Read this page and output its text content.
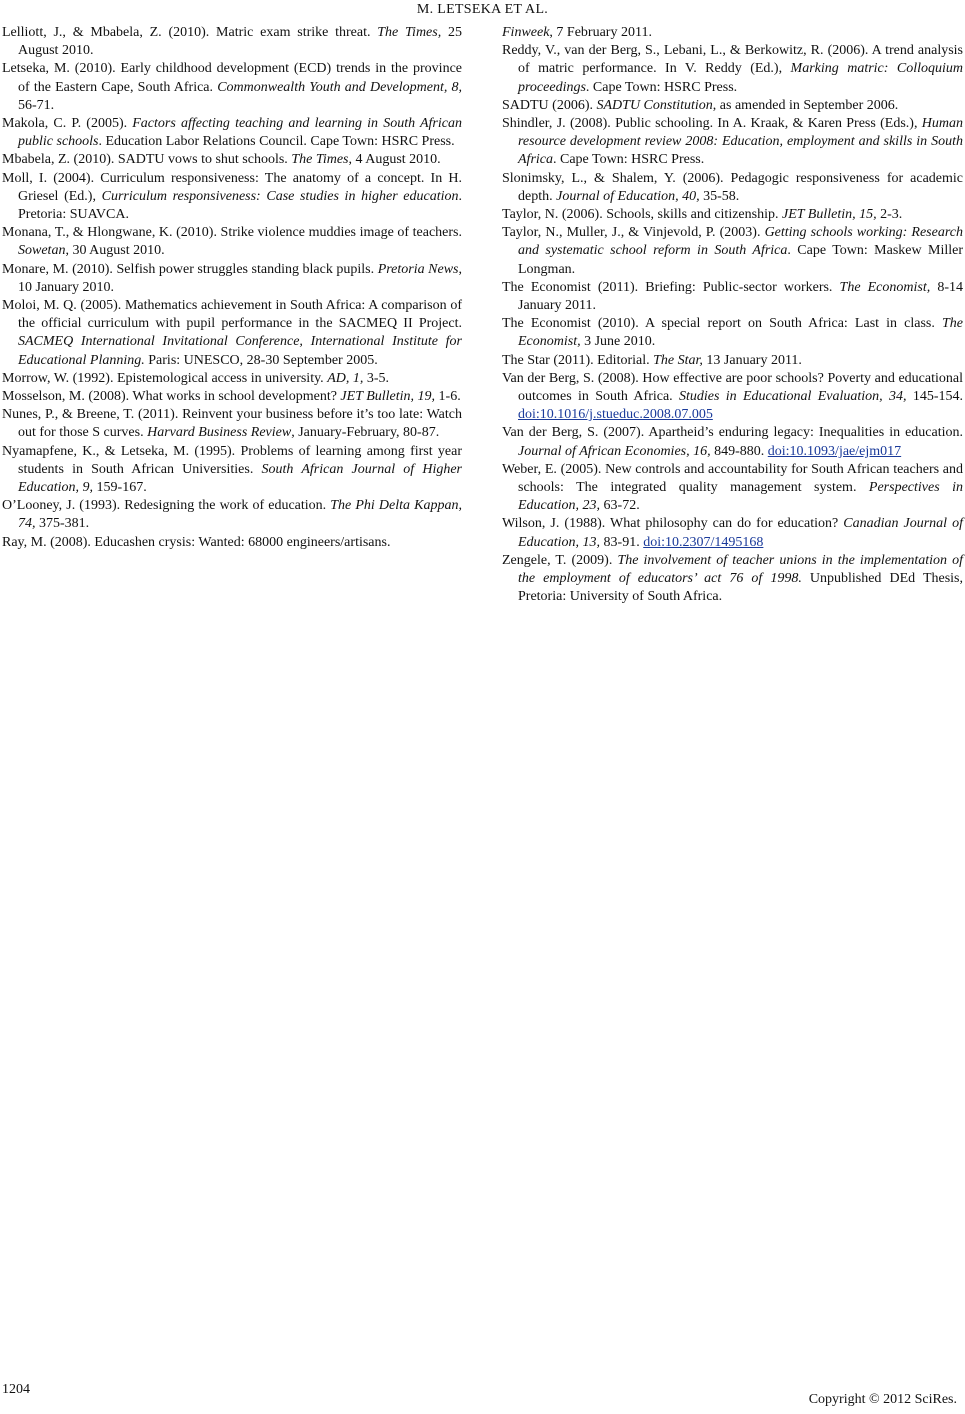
M. LETSEKA ET AL.

Lelliott, J., & Mbabela, Z. (2010). Matric exam strike threat. The Times, 25 August 2010.

Letseka, M. (2010). Early childhood development (ECD) trends in the province of the Eastern Cape, South Africa. Commonwealth Youth and Development, 8, 56-71.

Makola, C. P. (2005). Factors affecting teaching and learning in South African public schools. Education Labor Relations Council. Cape Town: HSRC Press.

Mbabela, Z. (2010). SADTU vows to shut schools. The Times, 4 August 2010.

Moll, I. (2004). Curriculum responsiveness: The anatomy of a concept. In H. Griesel (Ed.), Curriculum responsiveness: Case studies in higher education. Pretoria: SUAVCA.

Monana, T., & Hlongwane, K. (2010). Strike violence muddies image of teachers. Sowetan, 30 August 2010.

Monare, M. (2010). Selfish power struggles standing black pupils. Pretoria News, 10 January 2010.

Moloi, M. Q. (2005). Mathematics achievement in South Africa: A comparison of the official curriculum with pupil performance in the SACMEQ II Project. SACMEQ International Invitational Conference, International Institute for Educational Planning. Paris: UNESCO, 28-30 September 2005.

Morrow, W. (1992). Epistemological access in university. AD, 1, 3-5.

Mosselson, M. (2008). What works in school development? JET Bulletin, 19, 1-6.

Nunes, P., & Breene, T. (2011). Reinvent your business before it’s too late: Watch out for those S curves. Harvard Business Review, January-February, 80-87.

Nyamapfene, K., & Letseka, M. (1995). Problems of learning among first year students in South African Universities. South African Journal of Higher Education, 9, 159-167.

O’Looney, J. (1993). Redesigning the work of education. The Phi Delta Kappan, 74, 375-381.

Ray, M. (2008). Educashen crysis: Wanted: 68000 engineers/artisans.

Finweek, 7 February 2011.

Reddy, V., van der Berg, S., Lebani, L., & Berkowitz, R. (2006). A trend analysis of matric performance. In V. Reddy (Ed.), Marking matric: Colloquium proceedings. Cape Town: HSRC Press.

SADTU (2006). SADTU Constitution, as amended in September 2006.

Shindler, J. (2008). Public schooling. In A. Kraak, & Karen Press (Eds.), Human resource development review 2008: Education, employment and skills in South Africa. Cape Town: HSRC Press.

Slonimsky, L., & Shalem, Y. (2006). Pedagogic responsiveness for academic depth. Journal of Education, 40, 35-58.

Taylor, N. (2006). Schools, skills and citizenship. JET Bulletin, 15, 2-3.

Taylor, N., Muller, J., & Vinjevold, P. (2003). Getting schools working: Research and systematic school reform in South Africa. Cape Town: Maskew Miller Longman.

The Economist (2011). Briefing: Public-sector workers. The Economist, 8-14 January 2011.

The Economist (2010). A special report on South Africa: Last in class. The Economist, 3 June 2010.

The Star (2011). Editorial. The Star, 13 January 2011.

Van der Berg, S. (2008). How effective are poor schools? Poverty and educational outcomes in South Africa. Studies in Educational Evaluation, 34, 145-154. doi:10.1016/j.stueduc.2008.07.005

Van der Berg, S. (2007). Apartheid’s enduring legacy: Inequalities in education. Journal of African Economies, 16, 849-880. doi:10.1093/jae/ejm017

Weber, E. (2005). New controls and accountability for South African teachers and schools: The integrated quality management system. Perspectives in Education, 23, 63-72.

Wilson, J. (1988). What philosophy can do for education? Canadian Journal of Education, 13, 83-91. doi:10.2307/1495168

Zengele, T. (2009). The involvement of teacher unions in the implementation of the employment of educators’ act 76 of 1998. Unpublished DEd Thesis, Pretoria: University of South Africa.

1204
Copyright © 2012 SciRes.
